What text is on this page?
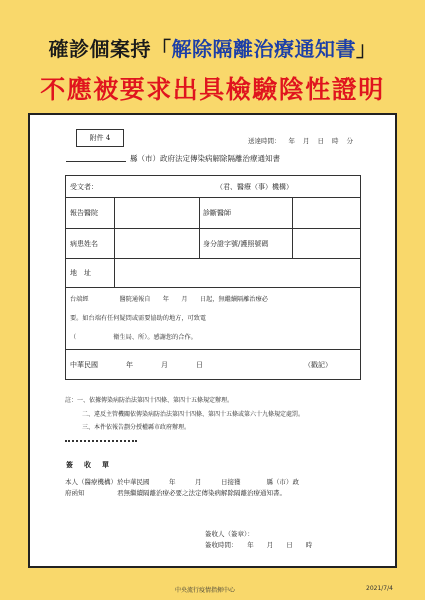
確診個案持「解除隔離治療通知書」
不應被要求出具檢驗陰性證明
附件 4	送達時間： 年 月 日 時 分
縣（市）政府法定傳染病解除隔離治療通知書
受文者：	（君、醫療（事）機構）
報告醫院	診斷醫師
病患姓名	身分證字號/護照號碼
地　址
台端經　　　　　醫院通報自　　年　　月　　日起，無繼續隔離治療必
要。如台端有任何疑問或需要協助的地方，可致電
（　　　　　　衛生局、所）。感謝您的合作。
中華民國　　　　年　　　　月　　　　日	（戳記）
註：一、依據傳染病防治法第四十四條、第四十五條規定辦理。
二、違反主管機關依傳染病防治法第四十四條、第四十五條或第六十九條規定處罰。
三、本件依報告劃分授權縣市政府辦理。
簽　收　單
本人（醫療機構）於中華民國　　　年　　　月　　　日接獲　　　　縣（市）政
府函知　　　　　君無繼續隔離治療必要之法定傳染病解除隔離治療通知書。
簽收人（簽章）：
簽收時間：　　年　　月　　日　　時
中央流行疫情指揮中心	2021/7/4
